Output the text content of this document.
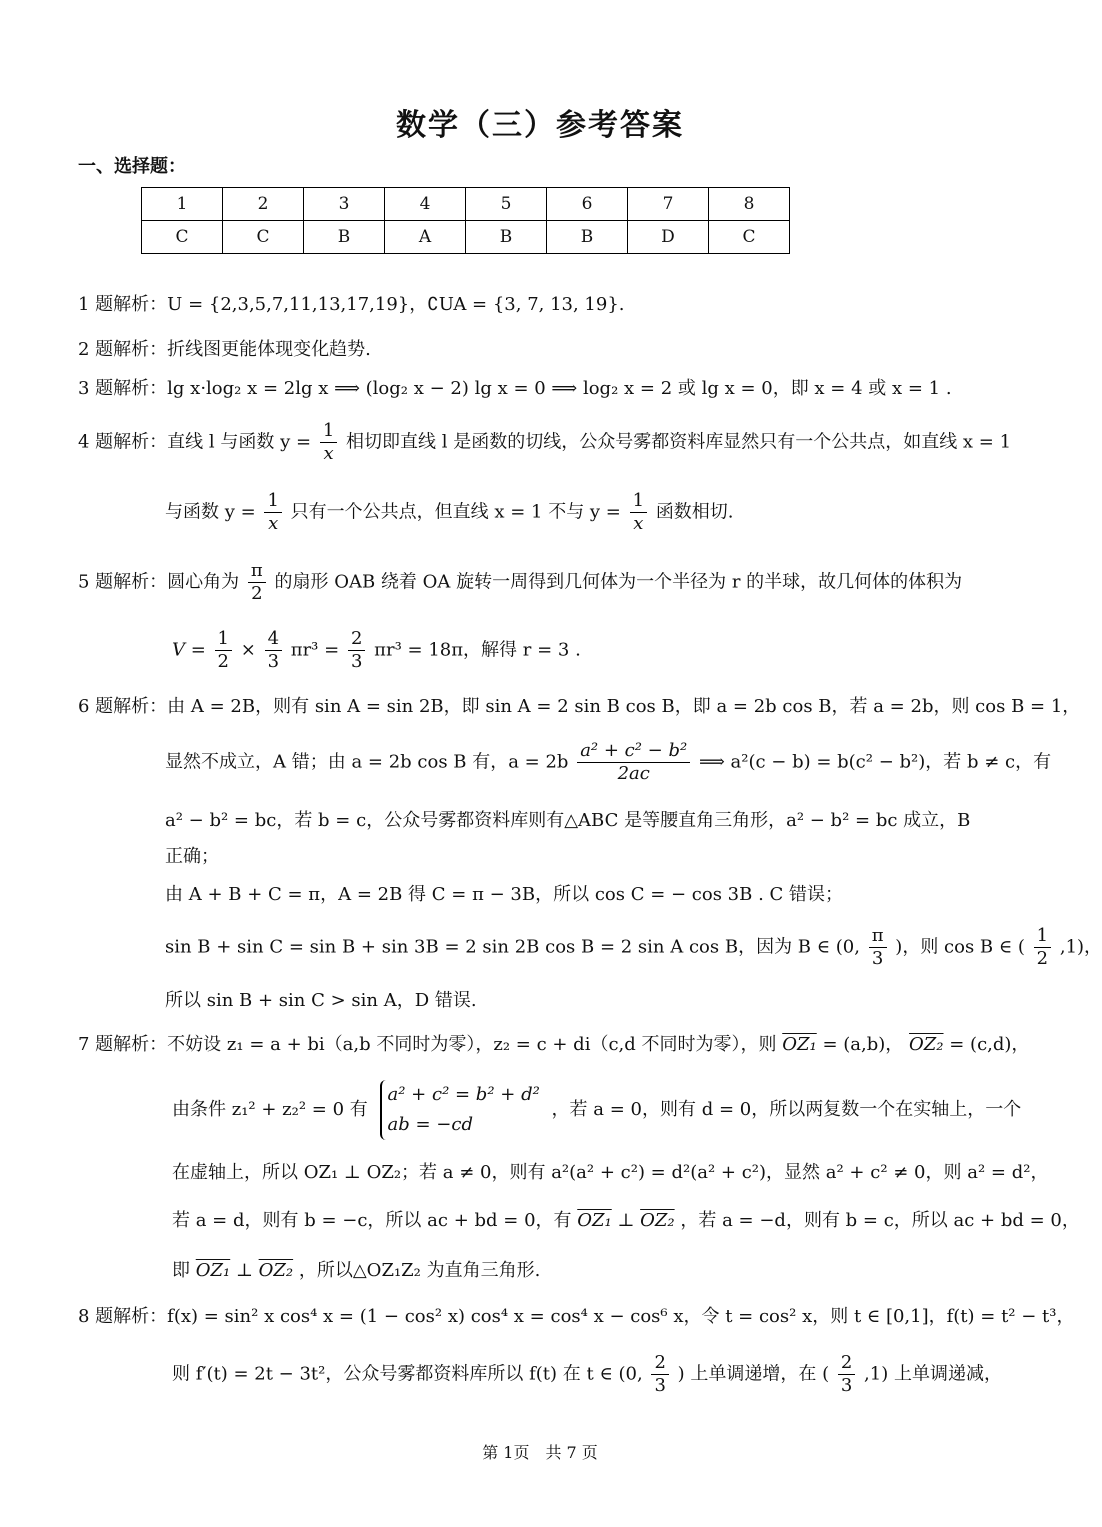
数学（三）参考答案
一、选择题：
1	2	3	4	5	6	7	8
C	C	B	A	B	B	D	C
1 题解析：U = {2,3,5,7,11,13,17,19}，∁UA = {3, 7, 13, 19}.
2 题解析：折线图更能体现变化趋势.
3 题解析：lg x·log₂ x = 2lg x ⟹ (log₂ x − 2) lg x = 0 ⟹ log₂ x = 2 或 lg x = 0，即 x = 4 或 x = 1 .
4 题解析：直线 l 与函数 $y = \frac{1}{x}$ 相切即直线 l 是函数的切线，公众号雾都资料库显然只有一个公共点，如直线 x = 1
与函数 $y = \frac{1}{x}$ 只有一个公共点，但直线 x = 1 不与 $y = \frac{1}{x}$ 函数相切.
5 题解析：圆心角为 $\frac{\pi}{2}$ 的扇形 OAB 绕着 OA 旋转一周得到几何体为一个半径为 r 的半球，故几何体的体积为
$V = \frac{1}{2} \times \frac{4}{3} \pi r^3 = \frac{2}{3} \pi r^3 = 18\pi$，解得 r = 3 .
6 题解析：由 A = 2B，则有 sin A = sin 2B，即 sin A = 2 sin B cos B，即 a = 2b cos B，若 a = 2b，则 cos B = 1，
显然不成立，A 错；由 a = 2b cos B 有，$a = 2b \frac{\text{a² + c² − b²}}{2ac}$ ⟹ a²(c − b) = b(c² − b²)，若 b ≠ c，有
a² − b² = bc，若 b = c，公众号雾都资料库则有△ABC 是等腰直角三角形，a² − b² = bc 成立，B
正确；
由 A + B + C = π，A = 2B 得 C = π − 3B，所以 cos C = − cos 3B . C 错误；
sin B + sin C = sin B + sin 3B = 2 sin 2B cos B = 2 sin A cos B，因为 B ∈ (0, $\frac{\pi}{3}$ )，则 cos B ∈ ( $\frac{1}{2} ,1$)，
所以 sin B + sin C > sin A，D 错误.
7 题解析：不妨设 z₁ = a + bi（a,b 不同时为零），z₂ = c + di（c,d 不同时为零），则 OZ₁ = (a,b)， OZ₂ = (c,d)，
由条件 z₁² + z₂² = 0 有
a² + c² = b² + d²
ab = −cd
，若 a = 0，则有 d = 0，所以两复数一个在实轴上，一个
在虚轴上，所以 OZ₁ ⊥ OZ₂；若 a ≠ 0，则有 a²(a² + c²) = d²(a² + c²)，显然 a² + c² ≠ 0，则 a² = d²，
若 a = d，则有 b = −c，所以 ac + bd = 0，有 OZ₁ ⊥ OZ₂ ，若 a = −d，则有 b = c，所以 ac + bd = 0，
即 OZ₁ ⊥ OZ₂ ，所以△OZ₁Z₂ 为直角三角形.
8 题解析：f(x) = sin² x cos⁴ x = (1 − cos² x) cos⁴ x = cos⁴ x − cos⁶ x，令 t = cos² x，则 t ∈ [0,1]，f(t) = t² − t³，
则 f′(t) = 2t − 3t²，公众号雾都资料库所以 f(t) 在 t ∈ (0, $\frac{2}{3}$ ) 上单调递增，在 ( $\frac{2}{3} ,1$) 上单调递减，
第 1页　共 7 页
